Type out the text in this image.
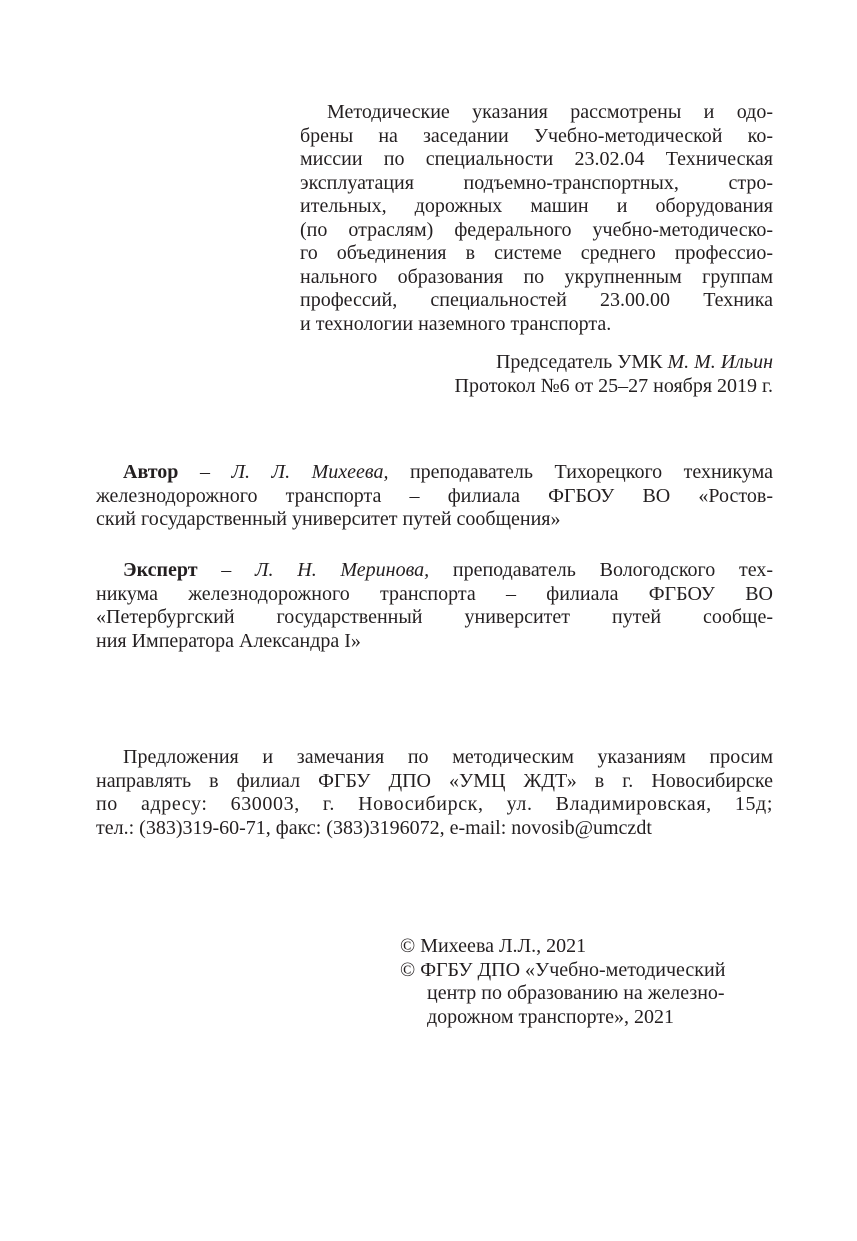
Методические указания рассмотрены и одо-
брены на заседании Учебно-методической ко-
миссии по специальности 23.02.04 Техническая
эксплуатация подъемно-транспортных, стро-
ительных, дорожных машин и оборудования
(по отраслям) федерального учебно-методическо-
го объединения в системе среднего профессио-
нального образования по укрупненным группам
профессий, специальностей 23.00.00 Техника
и технологии наземного транспорта.
Председатель УМК М. М. Ильин
Протокол №6 от 25–27 ноября 2019 г.
Автор – Л. Л. Михеева, преподаватель Тихорецкого техникума
железнодорожного транспорта – филиала ФГБОУ ВО «Ростов-
ский государственный университет путей сообщения»
Эксперт – Л. Н. Меринова, преподаватель Вологодского тех-
никума железнодорожного транспорта – филиала ФГБОУ ВО
«Петербургский государственный университет путей сообще-
ния Императора Александра I»
Предложения и замечания по методическим указаниям просим
направлять в филиал ФГБУ ДПО «УМЦ ЖДТ» в г. Новосибирске
по адресу: 630003, г. Новосибирск, ул. Владимировская, 15д;
тел.: (383)319-60-71, факс: (383)3196072, e-mail: novosib@umczdt
© Михеева Л.Л., 2021
© ФГБУ ДПО «Учебно-методический
центр по образованию на железно-
дорожном транспорте», 2021
